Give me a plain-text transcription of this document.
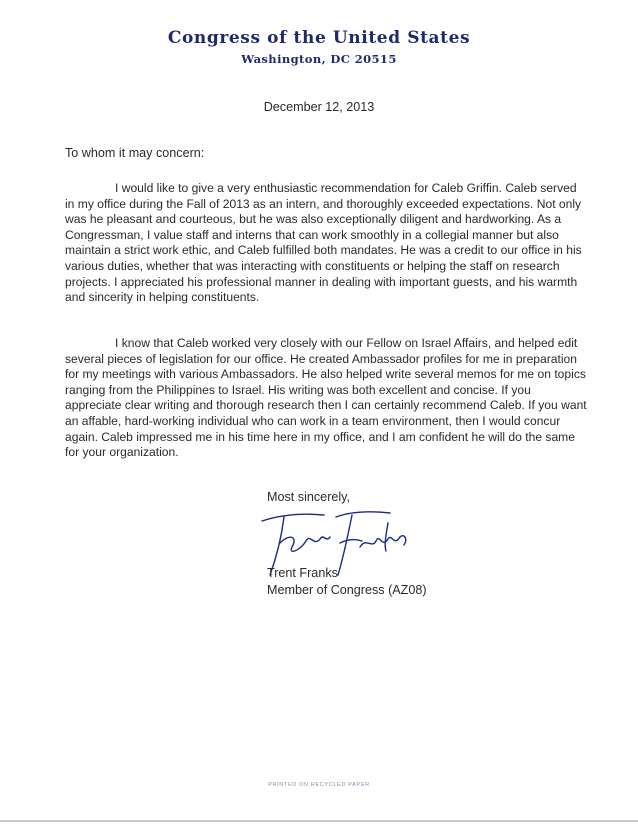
Congress of the United States
Washington, DC 20515
December 12, 2013
To whom it may concern:

I would like to give a very enthusiastic recommendation for Caleb Griffin. Caleb served in my office during the Fall of 2013 as an intern, and thoroughly exceeded expectations. Not only was he pleasant and courteous, but he was also exceptionally diligent and hardworking. As a Congressman, I value staff and interns that can work smoothly in a collegial manner but also maintain a strict work ethic, and Caleb fulfilled both mandates. He was a credit to our office in his various duties, whether that was interacting with constituents or helping the staff on research projects. I appreciated his professional manner in dealing with important guests, and his warmth and sincerity in helping constituents.

I know that Caleb worked very closely with our Fellow on Israel Affairs, and helped edit several pieces of legislation for our office. He created Ambassador profiles for me in preparation for my meetings with various Ambassadors. He also helped write several memos for me on topics ranging from the Philippines to Israel. His writing was both excellent and concise. If you appreciate clear writing and thorough research then I can certainly recommend Caleb. If you want an affable, hard-working individual who can work in a team environment, then I would concur again. Caleb impressed me in his time here in my office, and I am confident he will do the same for your organization.

Most sincerely,
Trent Franks
Member of Congress (AZ08)
PRINTED ON RECYCLED PAPER
